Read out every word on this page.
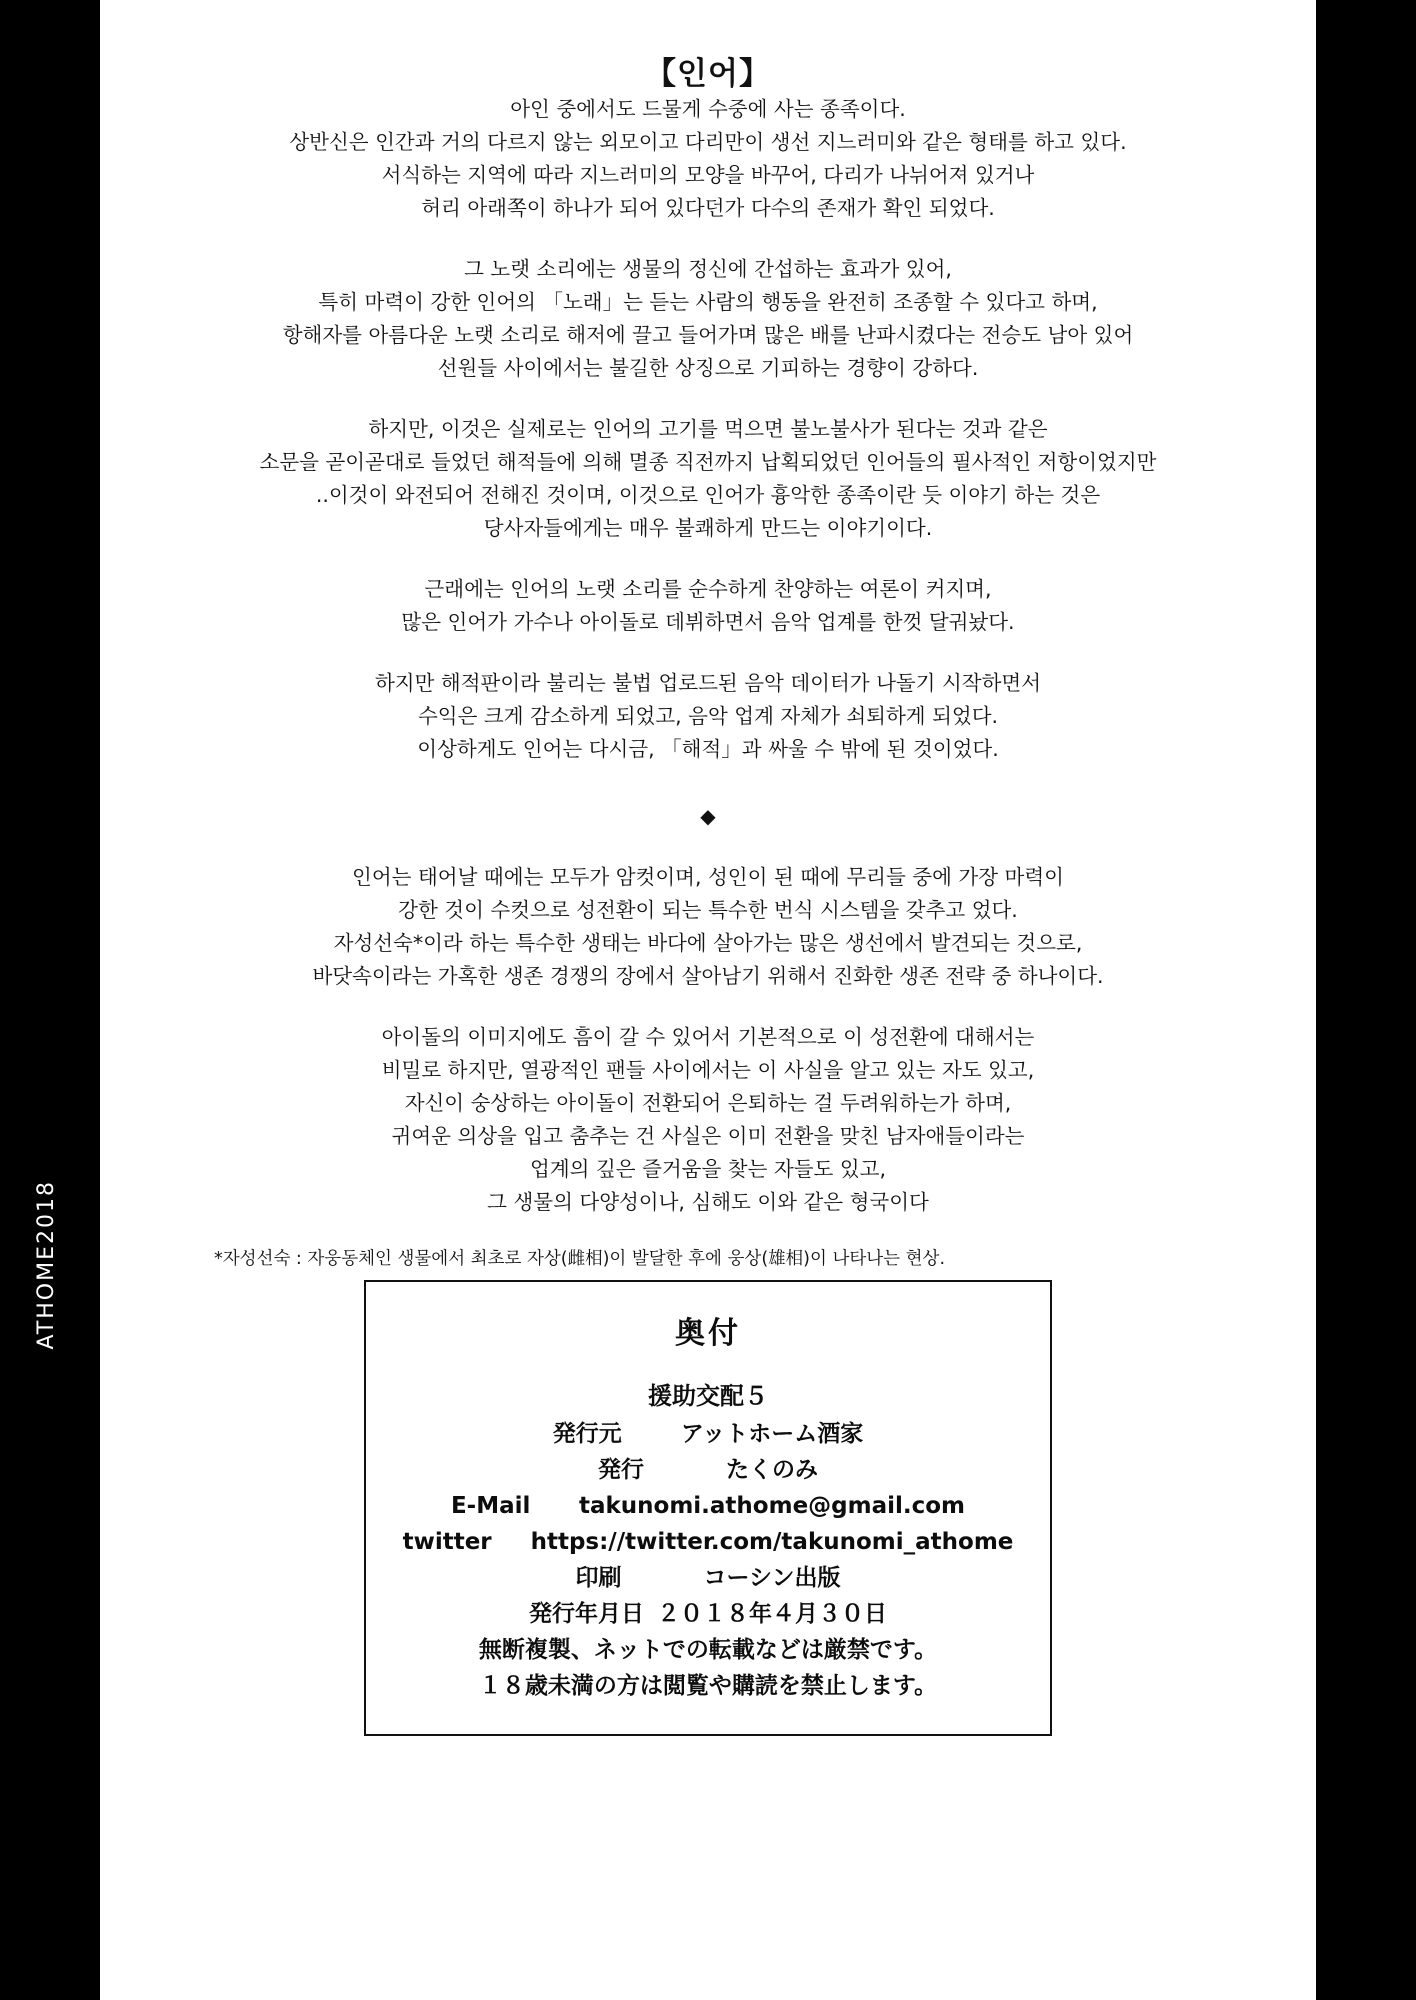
ATHOME2018
【인어】
아인 중에서도 드물게 수중에 사는 종족이다.
상반신은 인간과 거의 다르지 않는 외모이고 다리만이 생선 지느러미와 같은 형태를 하고 있다.
서식하는 지역에 따라 지느러미의 모양을 바꾸어, 다리가 나뉘어져 있거나
허리 아래쪽이 하나가 되어 있다던가 다수의 존재가 확인 되었다.
그 노랫 소리에는 생물의 정신에 간섭하는 효과가 있어,
특히 마력이 강한 인어의 「노래」는 듣는 사람의 행동을 완전히 조종할 수 있다고 하며,
항해자를 아름다운 노랫 소리로 해저에 끌고 들어가며 많은 배를 난파시켰다는 전승도 남아 있어
선원들 사이에서는 불길한 상징으로 기피하는 경향이 강하다.
하지만, 이것은 실제로는 인어의 고기를 먹으면 불노불사가 된다는 것과 같은
소문을 곧이곧대로 들었던 해적들에 의해 멸종 직전까지 납획되었던 인어들의 필사적인 저항이었지만
..이것이 와전되어 전해진 것이며, 이것으로 인어가 흉악한 종족이란 듯 이야기 하는 것은
당사자들에게는 매우 불쾌하게 만드는 이야기이다.
근래에는 인어의 노랫 소리를 순수하게 찬양하는 여론이 커지며,
많은 인어가 가수나 아이돌로 데뷔하면서 음악 업계를 한껏 달궈놨다.
하지만 해적판이라 불리는 불법 업로드된 음악 데이터가 나돌기 시작하면서
수익은 크게 감소하게 되었고, 음악 업계 자체가 쇠퇴하게 되었다.
이상하게도 인어는 다시금, 「해적」과 싸울 수 밖에 된 것이었다.
◆
인어는 태어날 때에는 모두가 암컷이며, 성인이 된 때에 무리들 중에 가장 마력이
강한 것이 수컷으로 성전환이 되는 특수한 번식 시스템을 갖추고 었다.
자성선숙*이라 하는 특수한 생태는 바다에 살아가는 많은 생선에서 발견되는 것으로,
바닷속이라는 가혹한 생존 경쟁의 장에서 살아남기 위해서 진화한 생존 전략 중 하나이다.
아이돌의 이미지에도 흠이 갈 수 있어서 기본적으로 이 성전환에 대해서는
비밀로 하지만, 열광적인 팬들 사이에서는 이 사실을 알고 있는 자도 있고,
자신이 숭상하는 아이돌이 전환되어 은퇴하는 걸 두려워하는가 하며,
귀여운 의상을 입고 춤추는 건 사실은 이미 전환을 맞친 남자애들이라는
업계의 깊은 즐거움을 찾는 자들도 있고,
그 생물의 다양성이나, 심해도 이와 같은 형국이다
*자성선숙 : 자웅동체인 생물에서 최초로 자상(雌相)이 발달한 후에 웅상(雄相)이 나타나는 현상.
奥付
援助交配５
発行元	アットホーム酒家
発行	たくのみ
E-Mail takunomi.athome@gmail.com
twitter https://twitter.com/takunomi_athome
印刷	コーシン出版
発行年月日 ２０１８年４月３０日
無断複製、ネットでの転載などは厳禁です。
１８歳未満の方は閲覧や購読を禁止します。
